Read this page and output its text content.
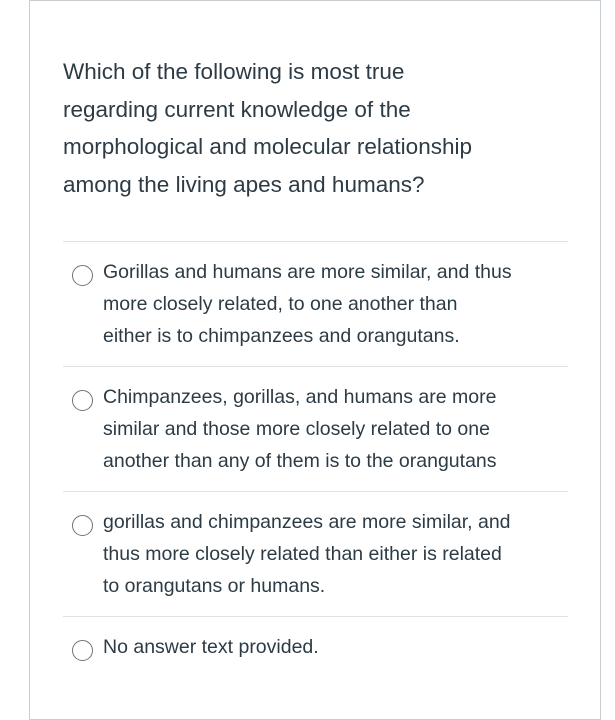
Which of the following is most true
regarding current knowledge of the
morphological and molecular relationship
among the living apes and humans?
Gorillas and humans are more similar, and thus
more closely related, to one another than
either is to chimpanzees and orangutans.
Chimpanzees, gorillas, and humans are more
similar and those more closely related to one
another than any of them is to the orangutans
gorillas and chimpanzees are more similar, and
thus more closely related than either is related
to orangutans or humans.
No answer text provided.
